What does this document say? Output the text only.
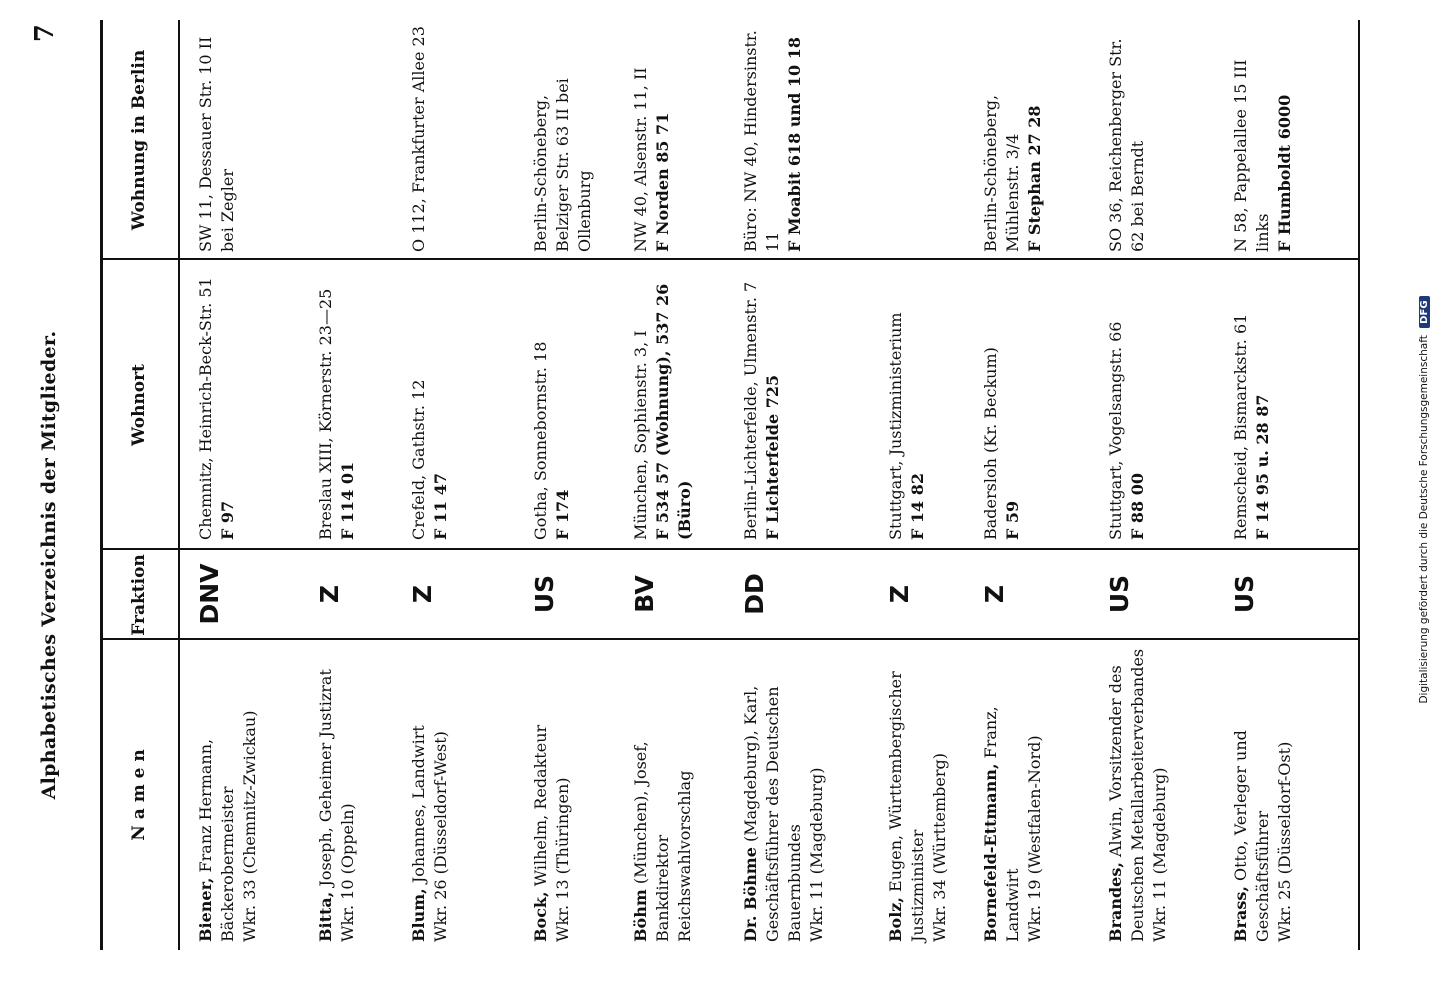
Alphabetisches Verzeichnis der Mitglieder.
7
N a m e n
Fraktion
Wohnort
Wohnung in Berlin
Biener, Franz Hermann, Bäckerobermeister Wkr. 33 (Chemnitz-Zwickau)
DNV
Chemnitz, Heinrich-Beck-Str. 51 F 97
SW 11, Dessauer Str. 10 II bei Zegler
Bitta, Joseph, Geheimer Justizrat Wkr. 10 (Oppeln)
Z
Breslau XIII, Körnerstr. 23—25 F 114 01
Blum, Johannes, Landwirt Wkr. 26 (Düsseldorf-West)
Z
Crefeld, Gathstr. 12 F 11 47
O 112, Frankfurter Allee 23
Bock, Wilhelm, Redakteur Wkr. 13 (Thüringen)
US
Gotha, Sonnebornstr. 18 F 174
Berlin-Schöneberg, Belziger Str. 63 II bei Ollenburg
Böhm (München), Josef, Bankdirektor Reichswahlvorschlag
BV
München, Sophienstr. 3, I F 534 57 (Wohnung), 537 26 (Büro)
NW 40, Alsenstr. 11, II F Norden 85 71
Dr. Böhme (Magdeburg), Karl, Geschäftsführer des Deutschen Bauernbundes Wkr. 11 (Magdeburg)
DD
Berlin-Lichterfelde, Ulmenstr. 7 F Lichterfelde 725
Büro: NW 40, Hindersinstr. 11 F Moabit 618 und 10 18
Bolz, Eugen, Württembergischer Justizminister Wkr. 34 (Württemberg)
Z
Stuttgart, Justizministerium F 14 82
Bornefeld-Ettmann, Franz, Landwirt Wkr. 19 (Westfalen-Nord)
Z
Badersloh (Kr. Beckum) F 59
Berlin-Schöneberg, Mühlenstr. 3/4 F Stephan 27 28
Brandes, Alwin, Vorsitzender des Deutschen Metallarbeiterverbandes Wkr. 11 (Magdeburg)
US
Stuttgart, Vogelsangstr. 66 F 88 00
SO 36, Reichenberger Str. 62 bei Berndt
Brass, Otto, Verleger und Geschäftsführer Wkr. 25 (Düsseldorf-Ost)
US
Remscheid, Bismarckstr. 61 F 14 95 u. 28 87
N 58, Pappelallee 15 III links F Humboldt 6000
Digitalisierung gefördert durch die Deutsche Forschungsgemeinschaft DFG
